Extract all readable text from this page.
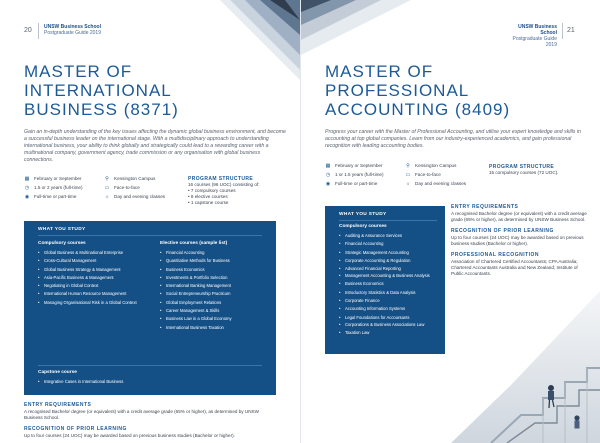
20 UNSW Business School
Postgraduate Guide 2019
MASTER OF
INTERNATIONAL
BUSINESS (8371)

Gain an in-depth understanding of the key issues affecting the dynamic global business environment, and become a successful business leader on the international stage. With a multidisciplinary approach to understanding international business, your ability to think globally and strategically could lead to a rewarding career with a multinational company, government agency, trade commission or any organisation with global business connections.

▦ February or September
◷ 1.5 or 2 years (full-time)
◉ Full-time or part-time
⚲ Kensington Campus
▭ Face-to-face
☼ Day and evening classes
PROGRAM STRUCTURE
16 courses (96 UOC) consisting of:
• 7 compulsory courses
• 8 elective courses
• 1 capstone course
WHAT YOU STUDY
Compulsory courses
• Global Business & Multinational Enterprise
• Cross-Cultural Management
• Global Business Strategy & Management
• Asia-Pacific Business & Management
• Negotiating in Global Context
• International Human Resource Management
• Managing Organisational Risk in a Global Context
Elective courses (sample list)
• Financial Accounting
• Quantitative Methods for Business
• Business Economics
• Investments & Portfolio Selection
• International Banking Management
• Social Entrepreneurship Practicum
• Global Employment Relations
• Career Management & Skills
• Business Law in a Global Economy
• International Business Taxation
Capstone course
• Integrative Cases in International Business
ENTRY REQUIREMENTS
A recognised Bachelor degree (or equivalent) with a credit average grade (65% or higher), as determined by UNSW Business School.
RECOGNITION OF PRIOR LEARNING
Up to four courses (24 UOC) may be awarded based on previous business studies (Bachelor or higher).
UNSW Business School
Postgraduate Guide 2019
21
MASTER OF
PROFESSIONAL
ACCOUNTING (8409)

Progress your career with the Master of Professional Accounting, and utilise your expert knowledge and skills in accounting at top global companies. Learn from our industry-experienced academics, and gain professional recognition with leading accounting bodies.

▦ February or September
◷ 1 or 1.5 years (full-time)
◉ Full-time or part-time
⚲ Kensington Campus
▭ Face-to-face
☼ Day and evening classes
PROGRAM STRUCTURE
15 compulsory courses (72 UOC).
WHAT YOU STUDY
Compulsory courses
• Auditing & Assurance Services
• Financial Accounting
• Strategic Management Accounting
• Corporate Accounting & Regulation
• Advanced Financial Reporting
• Management Accounting & Business Analysis
• Business Economics
• Introductory Statistics & Data Analysis
• Corporate Finance
• Accounting Information Systems
• Legal Foundations for Accountants
• Corporations & Business Associations Law
• Taxation Law
ENTRY REQUIREMENTS
A recognised Bachelor degree (or equivalent) with a credit average grade (65% or higher), as determined by UNSW Business School.
RECOGNITION OF PRIOR LEARNING
Up to four courses (24 UOC) may be awarded based on previous business studies (Bachelor or higher).
PROFESSIONAL RECOGNITION
Association of Chartered Certified Accountants; CPA Australia; Chartered Accountants Australia and New Zealand; Institute of Public Accountants.
